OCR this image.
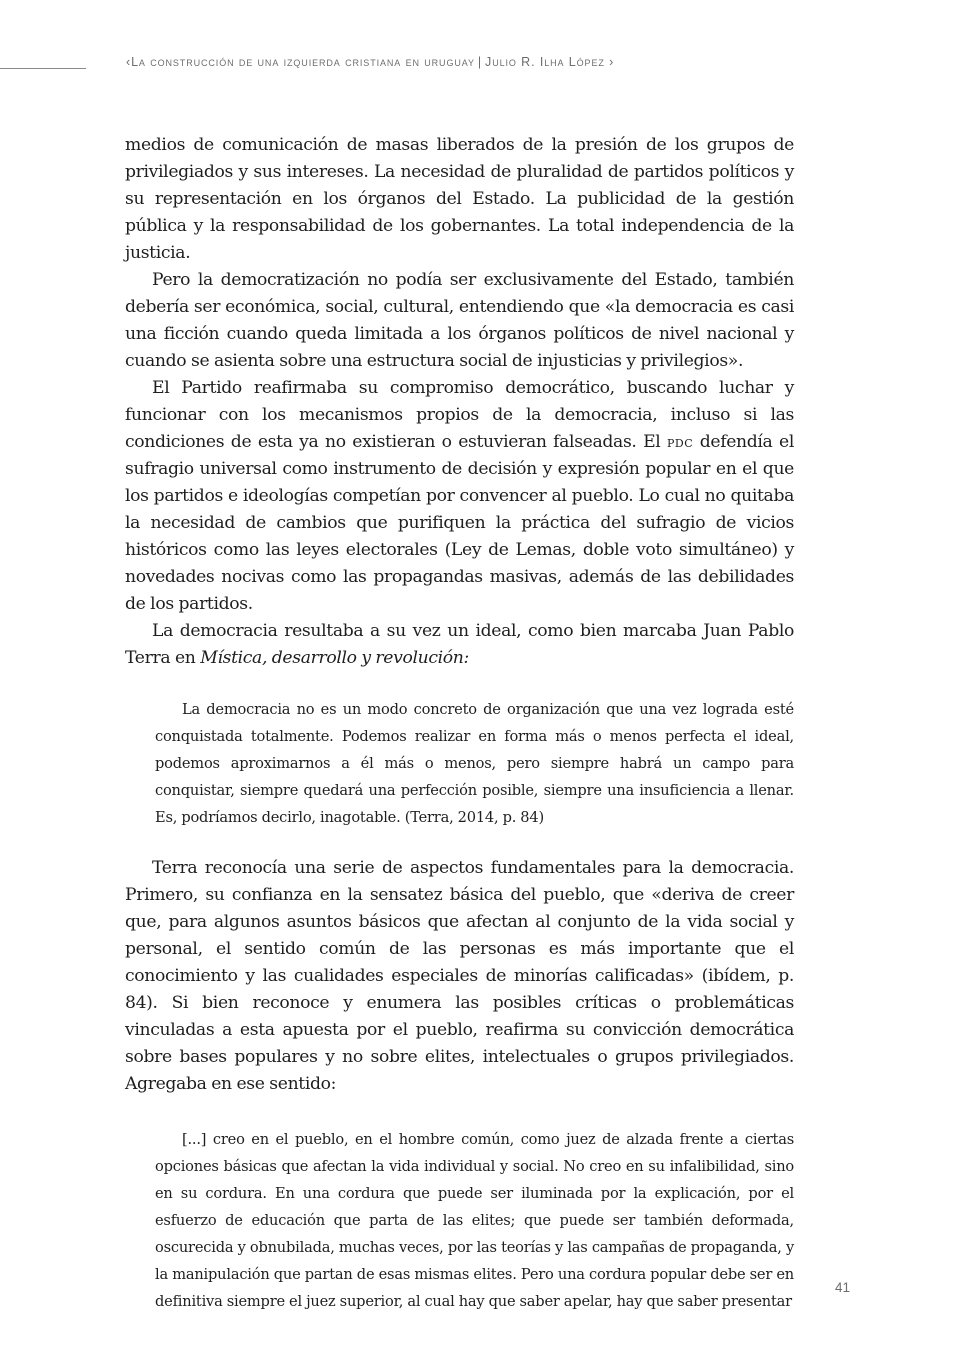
‹La construcción de una izquierda cristiana en uruguay | Julio R. Ilha López ›

medios de comunicación de masas liberados de la presión de los grupos de privilegiados y sus intereses. La necesidad de pluralidad de partidos políticos y su representación en los órganos del Estado. La publicidad de la gestión pública y la responsabilidad de los gobernantes. La total independencia de la justicia.

Pero la democratización no podía ser exclusivamente del Estado, también debería ser económica, social, cultural, entendiendo que «la democracia es casi una ficción cuando queda limitada a los órganos políticos de nivel nacional y cuando se asienta sobre una estructura social de injusticias y privilegios».

El Partido reafirmaba su compromiso democrático, buscando luchar y funcionar con los mecanismos propios de la democracia, incluso si las condiciones de esta ya no existieran o estuvieran falseadas. El pdc defendía el sufragio universal como instrumento de decisión y expresión popular en el que los partidos e ideologías competían por convencer al pueblo. Lo cual no quitaba la necesidad de cambios que purifiquen la práctica del sufragio de vicios históricos como las leyes electorales (Ley de Lemas, doble voto simultáneo) y novedades nocivas como las propagandas masivas, además de las debilidades de los partidos.

La democracia resultaba a su vez un ideal, como bien marcaba Juan Pablo Terra en Mística, desarrollo y revolución:

La democracia no es un modo concreto de organización que una vez lograda esté conquistada totalmente. Podemos realizar en forma más o menos perfecta el ideal, podemos aproximarnos a él más o menos, pero siempre habrá un campo para conquistar, siempre quedará una perfección posible, siempre una insuficiencia a llenar. Es, podríamos decirlo, inagotable. (Terra, 2014, p. 84)

Terra reconocía una serie de aspectos fundamentales para la democracia. Primero, su confianza en la sensatez básica del pueblo, que «deriva de creer que, para algunos asuntos básicos que afectan al conjunto de la vida social y personal, el sentido común de las personas es más importante que el conocimiento y las cualidades especiales de minorías calificadas» (ibídem, p. 84). Si bien reconoce y enumera las posibles críticas o problemáticas vinculadas a esta apuesta por el pueblo, reafirma su convicción democrática sobre bases populares y no sobre elites, intelectuales o grupos privilegiados. Agregaba en ese sentido:

[...] creo en el pueblo, en el hombre común, como juez de alzada frente a ciertas opciones básicas que afectan la vida individual y social. No creo en su infalibilidad, sino en su cordura. En una cordura que puede ser iluminada por la explicación, por el esfuerzo de educación que parta de las elites; que puede ser también deformada, oscurecida y obnubilada, muchas veces, por las teorías y las campañas de propaganda, y la manipulación que partan de esas mismas elites. Pero una cordura popular debe ser en definitiva siempre el juez superior, al cual hay que saber apelar, hay que saber presentar

41
